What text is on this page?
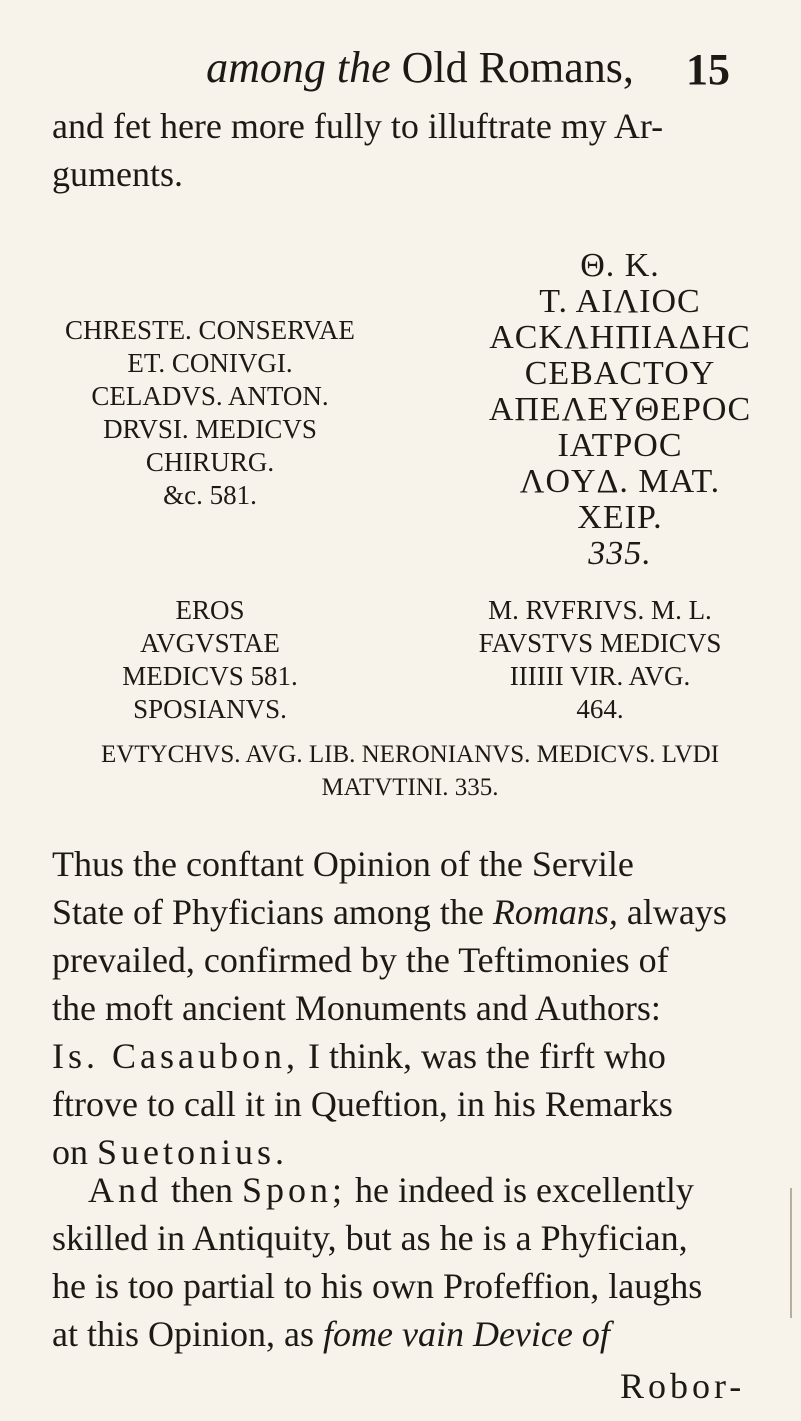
among the Old Romans, 15
and fet here more fully to illuftrate my Ar-
guments.
CHRESTE. CONSERVAE
ET. CONIVGI.
CELADVS. ANTON.
DRVSI. MEDICVS
CHIRURG.
&c. 581.
Θ. K.
T. AIΛIOC
ACKΛHΠIAΔHC
CEBACTOY
AΠEΛEYΘEPOC
IATPOC
ΛOYΔ. MAT.
XEIP.
335.
EROS
AVGVSTAE
MEDICVS 581.
SPOSIANVS.
M. RVFRIVS. M. L.
FAVSTVS MEDICVS
IIIIII VIR. AVG.
464.
EVTYCHVS. AVG. LIB. NERONIANVS. MEDICVS. LVDI
MATVTINI. 335.
Thus the conftant Opinion of the Servile
State of Phyficians among the Romans, always
prevailed, confirmed by the Teftimonies of
the moft ancient Monuments and Authors:
Is. Casaubon, I think, was the firft who
ftrove to call it in Queftion, in his Remarks
on Suetonius.
And then Spon; he indeed is excellently
skilled in Antiquity, but as he is a Phyfician,
he is too partial to his own Profeffion, laughs
at this Opinion, as fome vain Device of
Robor-
